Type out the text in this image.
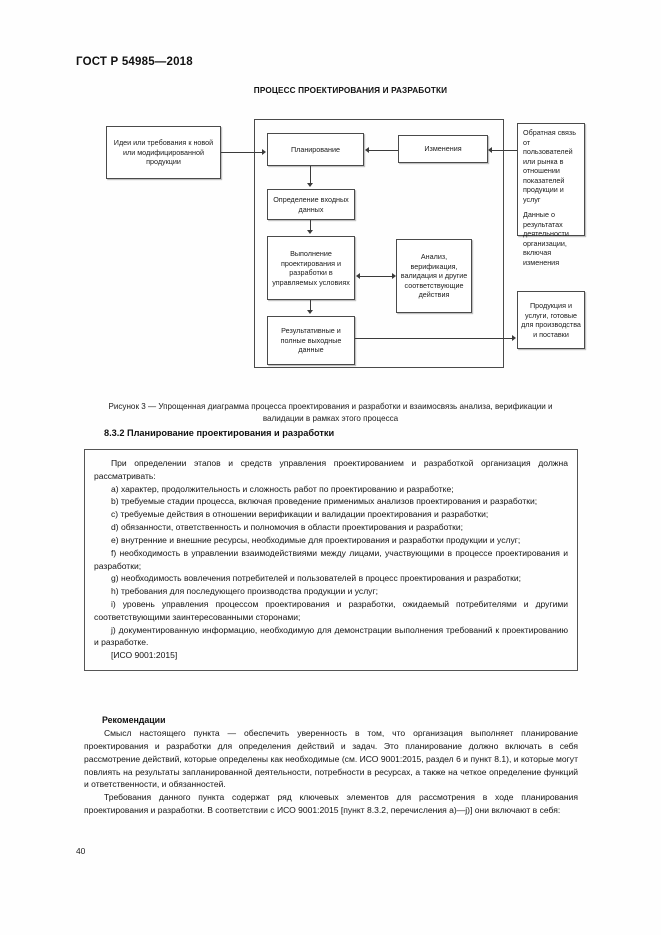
ГОСТ Р 54985—2018
ПРОЦЕСС ПРОЕКТИРОВАНИЯ И РАЗРАБОТКИ
Идеи или требования к новой или модифицированной продукции
Планирование	Изменения
Определение входных данных
Выполнение проектирования и разработки в управляемых условиях
Анализ, верификация, валидация и другие соответствующие действия
Результативные и полные выходные данные

Обратная связь от пользователей или рынка в отношении показателей продукции и услуг

Данные о результатах деятельности организации, включая изменения

Продукция и услуги, готовые для производства и поставки
Рисунок 3 — Упрощенная диаграмма процесса проектирования и разработки и взаимосвязь анализа, верификации и валидации в рамках этого процесса
8.3.2 Планирование проектирования и разработки

При определении этапов и средств управления проектированием и разработкой организация должна рассматривать:

a) характер, продолжительность и сложность работ по проектированию и разработке;

b) требуемые стадии процесса, включая проведение применимых анализов проектирования и разработки;

c) требуемые действия в отношении верификации и валидации проектирования и разработки;

d) обязанности, ответственность и полномочия в области проектирования и разработки;

e) внутренние и внешние ресурсы, необходимые для проектирования и разработки продукции и услуг;

f) необходимость в управлении взаимодействиями между лицами, участвующими в процессе проектирования и разработки;

g) необходимость вовлечения потребителей и пользователей в процесс проектирования и разработки;

h) требования для последующего производства продукции и услуг;

i) уровень управления процессом проектирования и разработки, ожидаемый потребителями и другими соответствующими заинтересованными сторонами;

j) документированную информацию, необходимую для демонстрации выполнения требований к проектированию и разработке.

[ИСО 9001:2015]

Рекомендации

Смысл настоящего пункта — обеспечить уверенность в том, что организация выполняет планирование проектирования и разработки для определения действий и задач. Это планирование должно включать в себя рассмотрение действий, которые определены как необходимые (см. ИСО 9001:2015, раздел 6 и пункт 8.1), и которые могут повлиять на результаты запланированной деятельности, потребности в ресурсах, а также на четкое определение функций и ответственности, и обязанностей.

Требования данного пункта содержат ряд ключевых элементов для рассмотрения в ходе планирования проектирования и разработки. В соответствии с ИСО 9001:2015 [пункт 8.3.2, перечисления a)—j)] они включают в себя:

40
